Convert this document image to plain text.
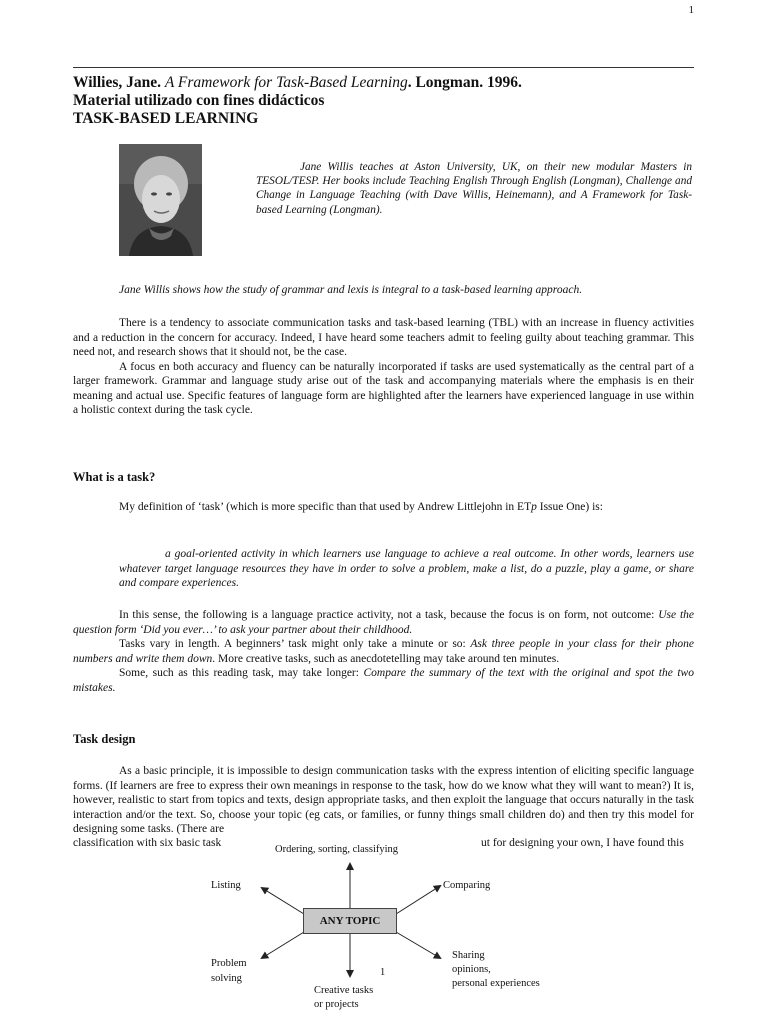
1
Willies, Jane. A Framework for Task-Based Learning. Longman. 1996.
Material utilizado con fines didácticos
TASK-BASED LEARNING
Jane Willis teaches at Aston University, UK, on their new modular Masters in TESOL/TESP. Her books include Teaching English Through English (Longman), Challenge and Change in Language Teaching (with Dave Willis, Heinemann), and A Framework for Task-based Learning (Longman).
Jane Willis shows how the study of grammar and lexis is integral to a task-based learning approach.
There is a tendency to associate communication tasks and task-based learning (TBL) with an increase in fluency activities and a reduction in the concern for accuracy. Indeed, I have heard some teachers admit to feeling guilty about teaching grammar. This need not, and research shows that it should not, be the case.
A focus en both accuracy and fluency can be naturally incorporated if tasks are used systematically as the central part of a larger framework. Grammar and language study arise out of the task and accompanying materials where the emphasis is en their meaning and actual use. Specific features of language form are highlighted after the learners have experienced language in use within a holistic context during the task cycle.
What is a task?
My definition of ‘task’ (which is more specific than that used by Andrew Littlejohn in ETp Issue One) is:
a goal-oriented activity in which learners use language to achieve a real outcome. In other words, learners use whatever target language resources they have in order to solve a problem, make a list, do a puzzle, play a game, or share and compare experiences.
In this sense, the following is a language practice activity, not a task, because the focus is on form, not outcome: Use the question form ‘Did you ever…’ to ask your partner about their childhood.
Tasks vary in length. A beginners’ task might only take a minute or so: Ask three people in your class for their phone numbers and write them down. More creative tasks, such as anecdotetelling may take around ten minutes.
Some, such as this reading task, may take longer: Compare the summary of the text with the original and spot the two mistakes.
Task design
As a basic principle, it is impossible to design communication tasks with the express intention of eliciting specific language forms. (If learners are free to express their own meanings in response to the task, how do we know what they will want to mean?) It is, however, realistic to start from topics and texts, design appropriate tasks, and then exploit the language that occurs naturally in the task interaction and/or the text. So, choose your topic (eg cats, or families, or funny things small children do) and then try this model for designing some tasks. (There are
classification with six basic task	ut for designing your own, I have found this
ANY TOPIC
Ordering, sorting, classifying
Listing	Comparing
Problem
solving
1
Creative tasks
or projects
Sharing
opinions,
personal experiences
